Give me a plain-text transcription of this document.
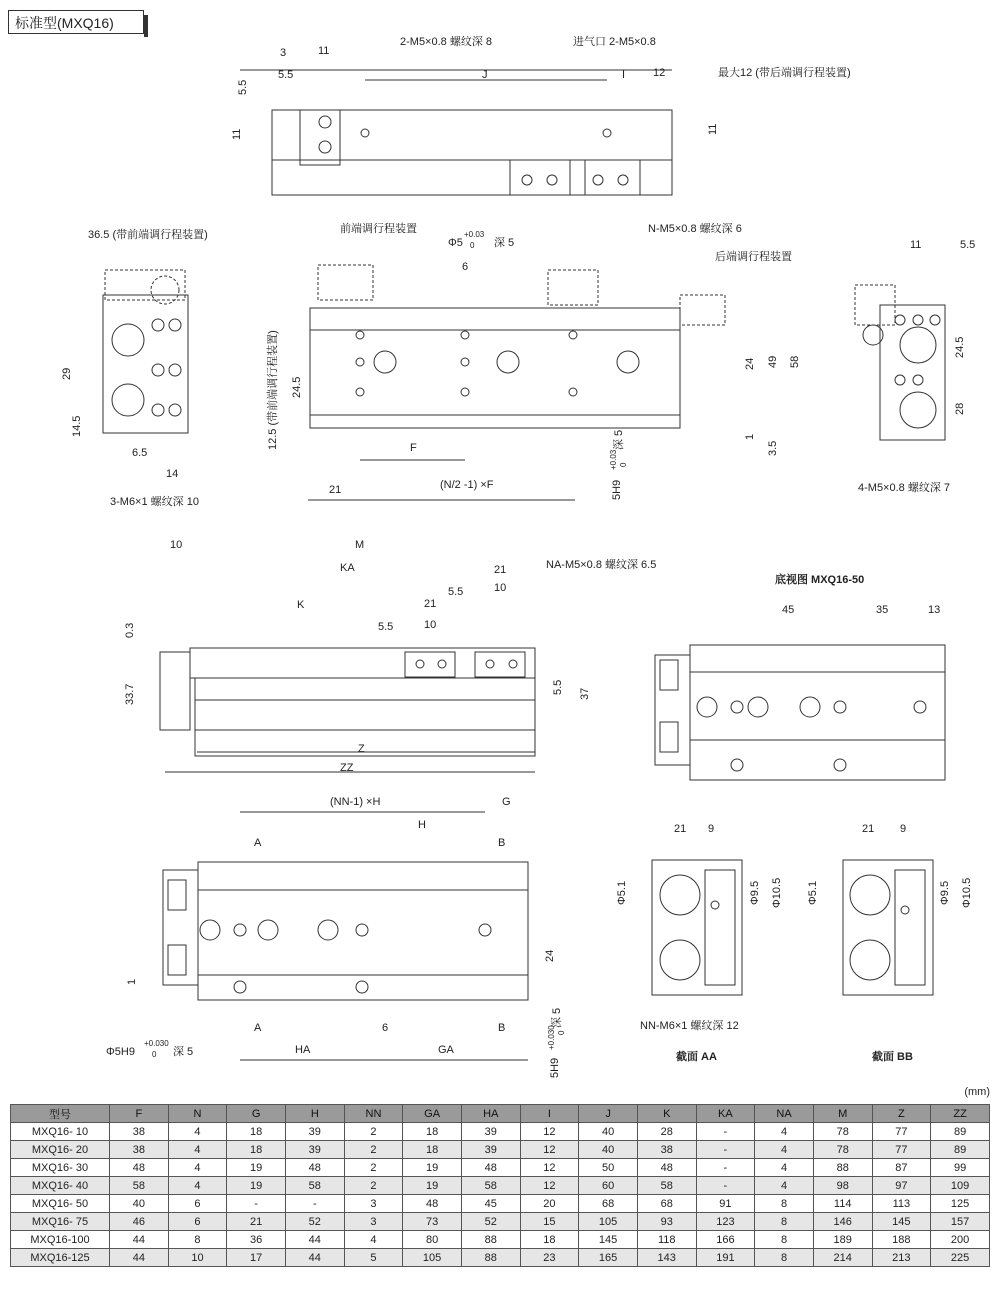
标准型(MXQ16)
3	11
5.5
5.5
11
2-M5×0.8 螺纹深 8
J
进气口 2-M5×0.8
I	12	最大12 (带后端调行程装置)
11
36.5 (带前端调行程装置)
29
14.5
6.5
14
3-M6×1 螺纹深 10
前端调行程装置
Φ5
+0.03
0 深 5
6
N-M5×0.8 螺纹深 6
后端调行程装置
12.5 (带前端调行程装置) 24.5
F
21	(N/2 -1) ×F	5H9
+0.03 0
深 5
24 49 58
1
3.5
11	5.5
24.5
28
4-M5×0.8 螺纹深 7
10	M
KA	21	NA-M5×0.8 螺纹深 6.5
K	21
5.5	10
5.5	10
0.3
33.7	5.5 37
Z
ZZ
底视图 MXQ16-50
45	35	13
(NN-1) ×H	G
H
A	B
1
24
A	6	B
HA	GA
Φ5H9
+0.030
0 深 5
5H9
+0.030 0
深 5
21 9
Φ5.1	Φ9.5 Φ10.5
NN-M6×1 螺纹深 12
截面 AA
21 9
Φ5.1	Φ9.5 Φ10.5
截面 BB
(mm)
型号	F	N	G	H	NN	GA	HA	I	J	K	KA	NA	M	Z	ZZ
MXQ16- 10	38	4	18	39	2	18	39	12	40	28	-	4	78	77	89
MXQ16- 20	38	4	18	39	2	18	39	12	40	38	-	4	78	77	89
MXQ16- 30	48	4	19	48	2	19	48	12	50	48	-	4	88	87	99
MXQ16- 40	58	4	19	58	2	19	58	12	60	58	-	4	98	97	109
MXQ16- 50	40	6	-	-	3	48	45	20	68	68	91	8	114	113	125
MXQ16- 75	46	6	21	52	3	73	52	15	105	93	123	8	146	145	157
MXQ16-100	44	8	36	44	4	80	88	18	145	118	166	8	189	188	200
MXQ16-125	44	10	17	44	5	105	88	23	165	143	191	8	214	213	225
